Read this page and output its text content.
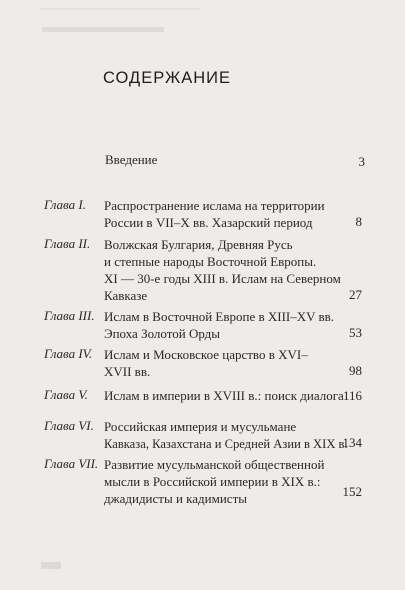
СОДЕРЖАНИЕ
Введение	3
Глава I. Распространение ислама на территории
России в VII–X вв. Хазарский период	8
Глава II. Волжская Булгария, Древняя Русь
и степные народы Восточной Европы.
XI — 30-е годы XIII в. Ислам на Северном
Кавказе	27
Глава III. Ислам в Восточной Европе в XIII–XV вв.
Эпоха Золотой Орды	53
Глава IV. Ислам и Московское царство в XVI–
XVII вв.	98
Глава V. Ислам в империи в XVIII в.: поиск диалога 116
Глава VI. Российская империя и мусульмане
Кавказа, Казахстана и Средней Азии в XIX в.
134
Глава VII. Развитие мусульманской общественной
мысли в Российской империи в XIX в.:
джадидисты и кадимисты	152
